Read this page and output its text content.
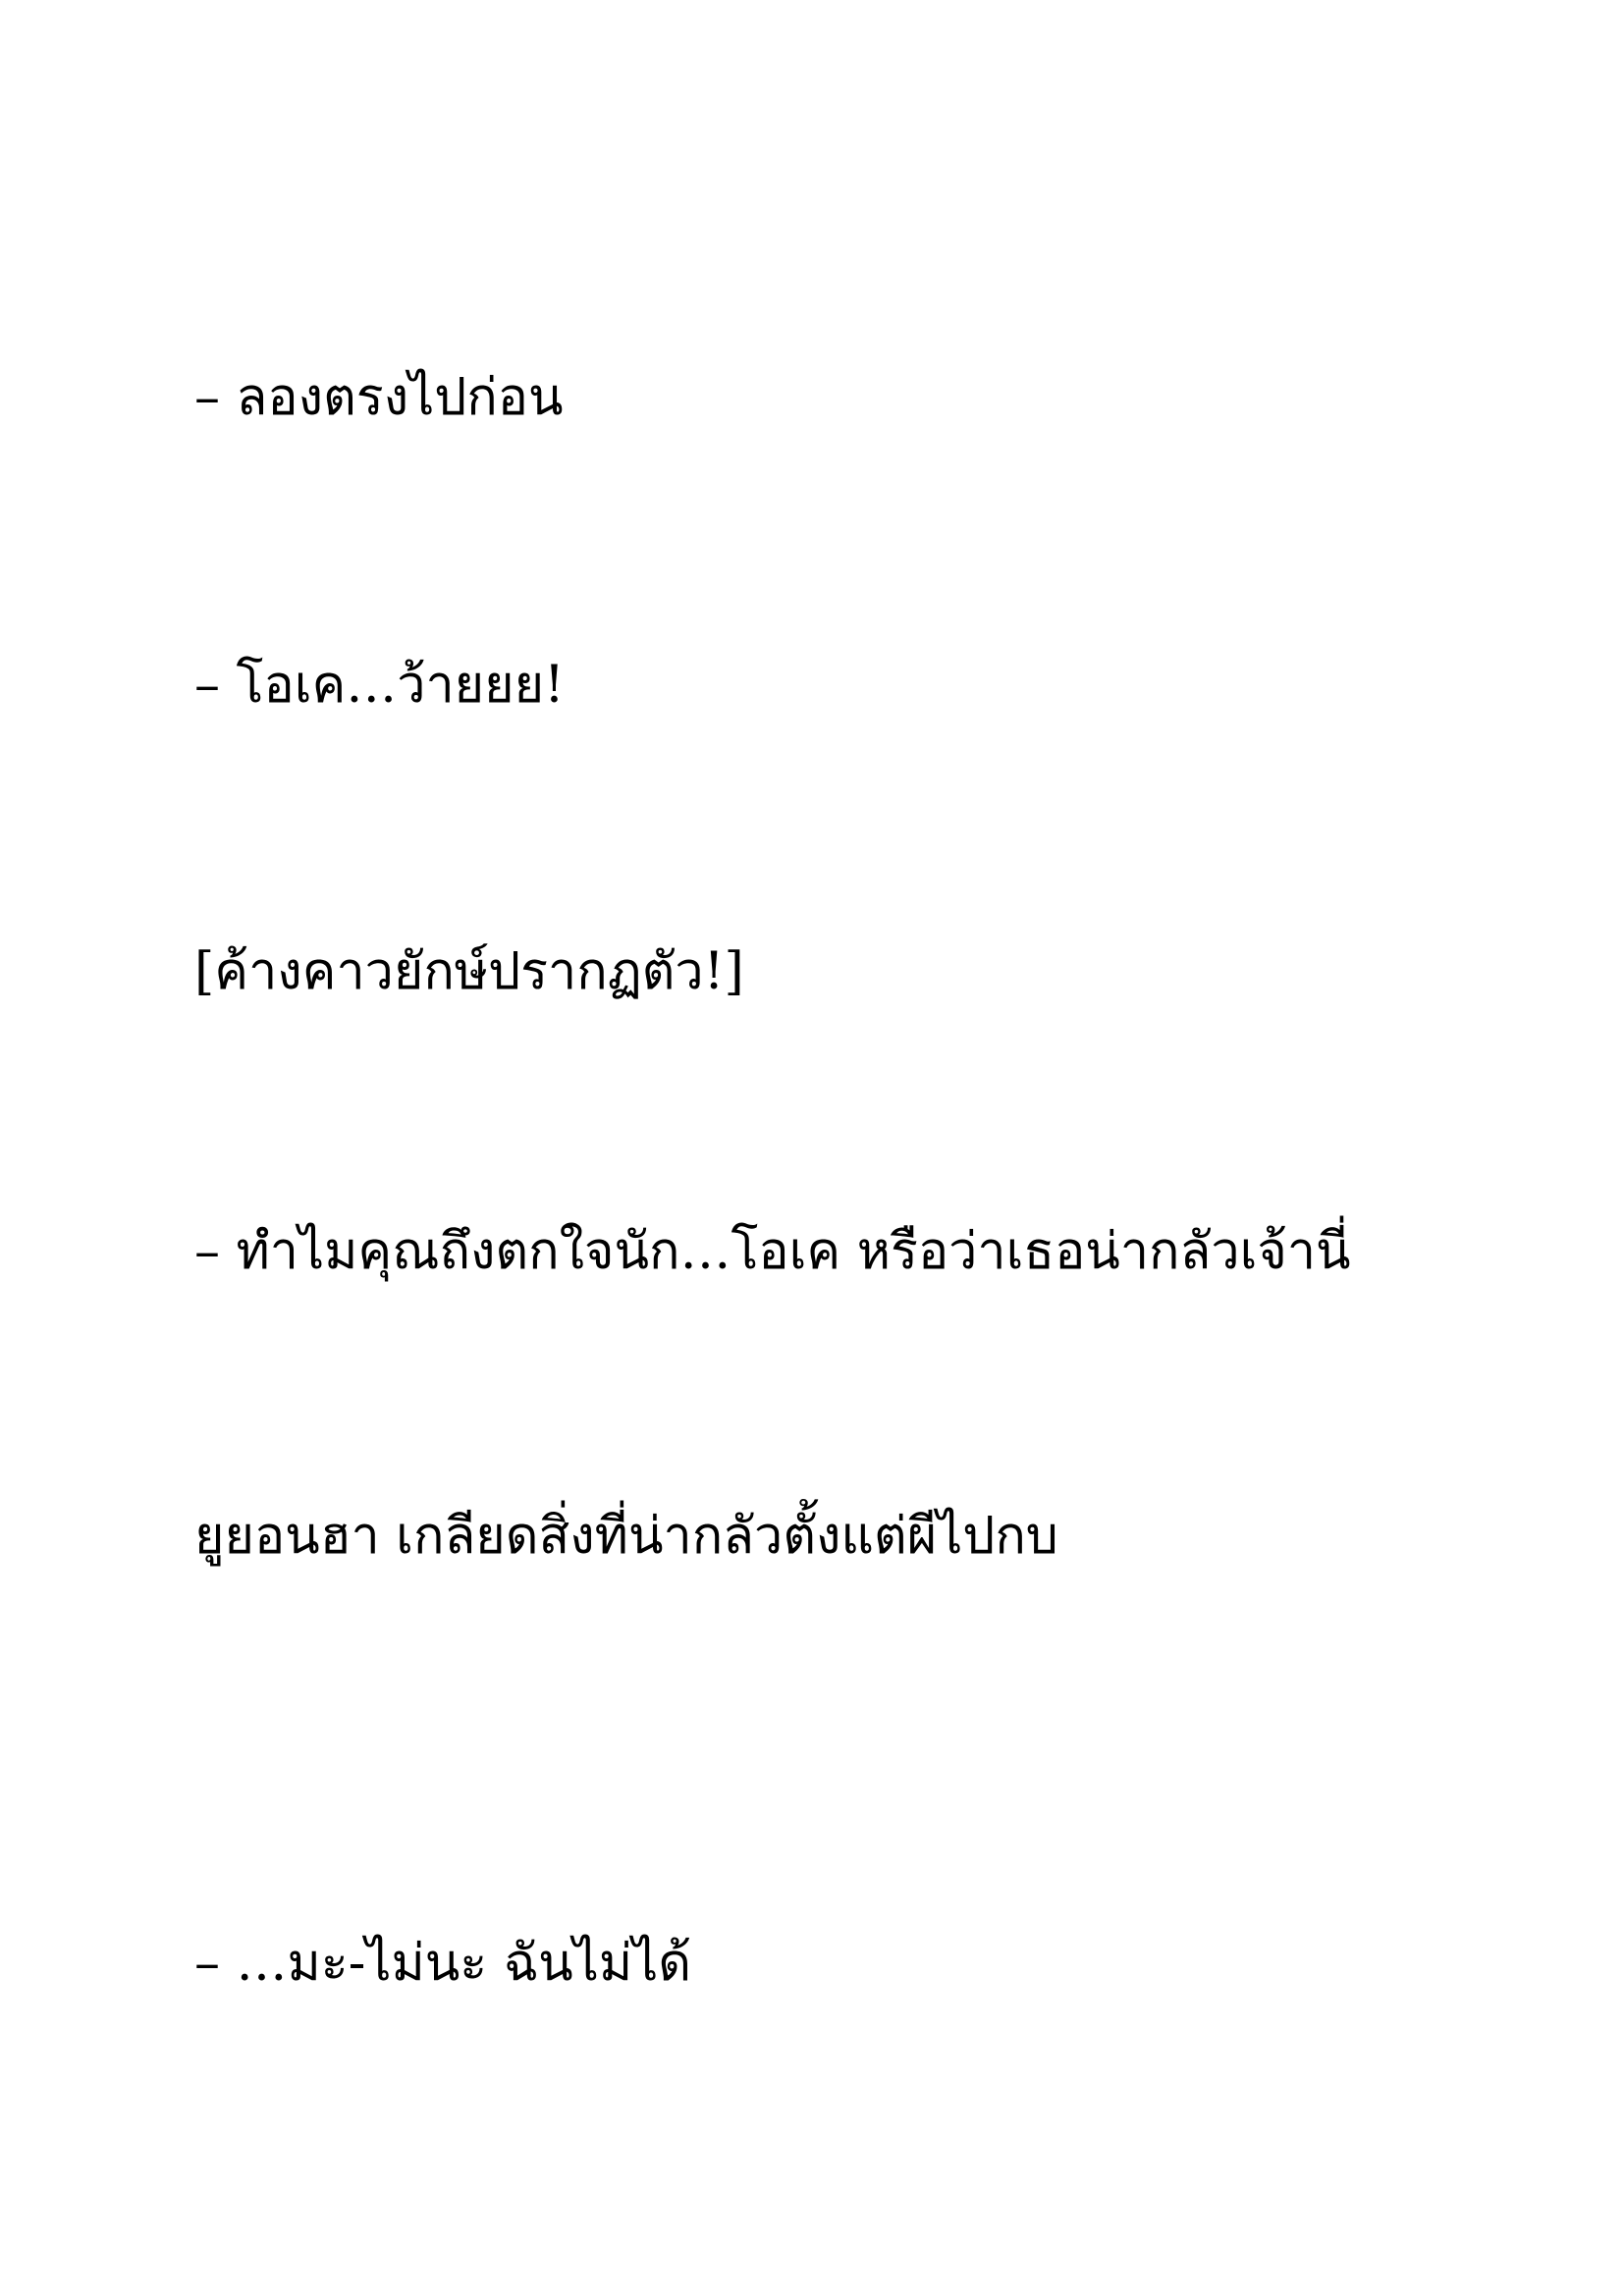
– ลองตรงไปก่อน
– โอเค…ว้ายยย!
[ค้างคาวยักษ์ปรากฏตัว!]
– ทำไมคุณถึงตกใจนัก…โอเค หรือว่าเธอน่ากลัวเจ้านี่
ยูยอนฮา เกลียดสิ่งที่น่ากลัวตั้งแต่ผีไปกบ
– …มะ-ไม่นะ ฉันไม่ได้
